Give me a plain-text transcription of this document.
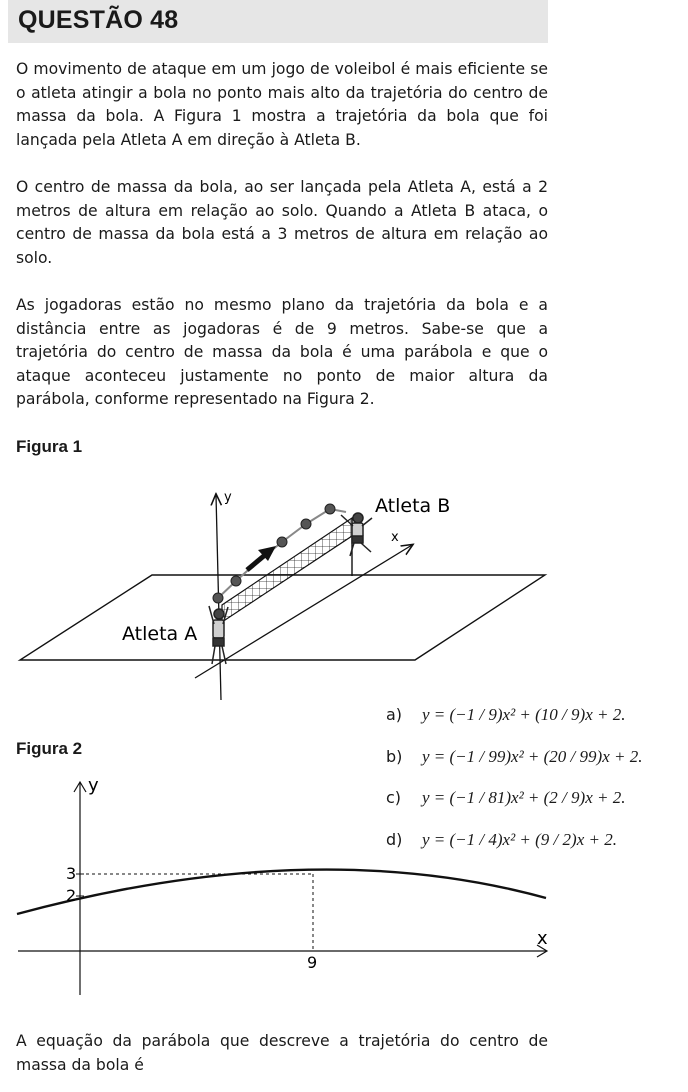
QUESTÃO 48

O movimento de ataque em um jogo de voleibol é mais eficiente se o atleta atingir a bola no ponto mais alto da trajetória do centro de massa da bola. A Figura 1 mostra a trajetória da bola que foi lançada pela Atleta A em direção à Atleta B.

O centro de massa da bola, ao ser lançada pela Atleta A, está a 2 metros de altura em relação ao solo. Quando a Atleta B ataca, o centro de massa da bola está a 3 metros de altura em relação ao solo.

As jogadoras estão no mesmo plano da trajetória da bola e a distância entre as jogadoras é de 9 metros. Sabe-se que a trajetória do centro de massa da bola é uma parábola e que o ataque aconteceu justamente no ponto de maior altura da parábola, conforme representado na Figura 2.

Figura 1
y
x
Atleta A
Atleta B
Figura 2
y
x
3
2
9
a) y = (−1 / 9)x² + (10 / 9)x + 2.
b) y = (−1 / 99)x² + (20 / 99)x + 2.
c) y = (−1 / 81)x² + (2 / 9)x + 2.
d) y = (−1 / 4)x² + (9 / 2)x + 2.

A equação da parábola que descreve a trajetória do centro de massa da bola é
